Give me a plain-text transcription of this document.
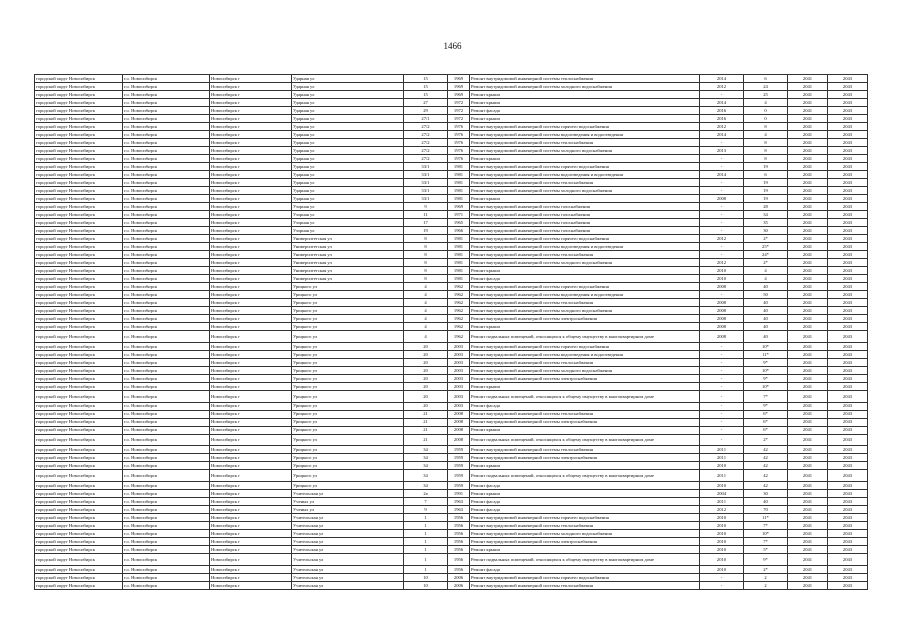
1466
городской округ Новосибирск	г.о. Новосибирск	Новосибирск г	Ударная ул	15	1969	Ремонт внутридомовой инженерной системы теплоснабжения	2014	6	2041	2043
городской округ Новосибирск	г.о. Новосибирск	Новосибирск г	Ударная ул	15	1969	Ремонт внутридомовой инженерной системы холодного водоснабжения	2012	24	2041	2043
городской округ Новосибирск	г.о. Новосибирск	Новосибирск г	Ударная ул	15	1969	Ремонт крыши	-	25	2041	2043
городской округ Новосибирск	г.о. Новосибирск	Новосибирск г	Ударная ул	27	1972	Ремонт крыши	2014	4	2041	2043
городской округ Новосибирск	г.о. Новосибирск	Новосибирск г	Ударная ул	29	1972	Ремонт фасада	2016	0	2041	2043
городской округ Новосибирск	г.о. Новосибирск	Новосибирск г	Ударная ул	27/1	1972	Ремонт крыши	2016	0	2041	2043
городской округ Новосибирск	г.о. Новосибирск	Новосибирск г	Ударная ул	27/2	1976	Ремонт внутридомовой инженерной системы горячего водоснабжения	2012	8	2041	2043
городской округ Новосибирск	г.о. Новосибирск	Новосибирск г	Ударная ул	27/2	1976	Ремонт внутридомовой инженерной системы водоотведения и водоотведения	2014	4	2041	2043
городской округ Новосибирск	г.о. Новосибирск	Новосибирск г	Ударная ул	27/2	1976	Ремонт внутридомовой инженерной системы теплоснабжения	-	8	2041	2043
городской округ Новосибирск	г.о. Новосибирск	Новосибирск г	Ударная ул	27/2	1976	Ремонт внутридомовой инженерной системы холодного водоснабжения	2013	8	2041	2043
городской округ Новосибирск	г.о. Новосибирск	Новосибирск г	Ударная ул	27/2	1976	Ремонт крыши	-	8	2041	2043
городской округ Новосибирск	г.о. Новосибирск	Новосибирск г	Ударная ул	33/1	1981	Ремонт внутридомовой инженерной системы горячего водоснабжения	-	19	2041	2043
городской округ Новосибирск	г.о. Новосибирск	Новосибирск г	Ударная ул	33/1	1981	Ремонт внутридомовой инженерной системы водоотведения и водоотведения	2014	6	2041	2043
городской округ Новосибирск	г.о. Новосибирск	Новосибирск г	Ударная ул	33/1	1981	Ремонт внутридомовой инженерной системы теплоснабжения	-	19	2041	2043
городской округ Новосибирск	г.о. Новосибирск	Новосибирск г	Ударная ул	33/1	1981	Ремонт внутридомовой инженерной системы холодного водоснабжения	-	19	2041	2043
городской округ Новосибирск	г.о. Новосибирск	Новосибирск г	Ударная ул	33/1	1981	Ремонт крыши	2008	19	2041	2043
городской округ Новосибирск	г.о. Новосибирск	Новосибирск г	Узорная ул	9	1969	Ремонт внутридомовой инженерной системы газоснабжения	-	28	2041	2043
городской округ Новосибирск	г.о. Новосибирск	Новосибирск г	Узорная ул	11	1971	Ремонт внутридомовой инженерной системы газоснабжения	-	34	2041	2043
городской округ Новосибирск	г.о. Новосибирск	Новосибирск г	Узорная ул	17	1965	Ремонт внутридомовой инженерной системы газоснабжения	-	35	2041	2043
городской округ Новосибирск	г.о. Новосибирск	Новосибирск г	Узорная ул	19	1966	Ремонт внутридомовой инженерной системы газоснабжения	-	30	2041	2043
городской округ Новосибирск	г.о. Новосибирск	Новосибирск г	Университетская ул	8	1981	Ремонт внутридомовой инженерной системы горячего водоснабжения	2012	2*	2041	2043
городской округ Новосибирск	г.о. Новосибирск	Новосибирск г	Университетская ул	8	1981	Ремонт внутридомовой инженерной системы водоотведения и водоотведения	-	25*	2041	2043
городской округ Новосибирск	г.о. Новосибирск	Новосибирск г	Университетская ул	8	1981	Ремонт внутридомовой инженерной системы теплоснабжения	-	24*	2041	2043
городской округ Новосибирск	г.о. Новосибирск	Новосибирск г	Университетская ул	8	1981	Ремонт внутридомовой инженерной системы холодного водоснабжения	2012	2*	2041	2043
городской округ Новосибирск	г.о. Новосибирск	Новосибирск г	Университетская ул	8	1981	Ремонт крыши	2010	4	2041	2043
городской округ Новосибирск	г.о. Новосибирск	Новосибирск г	Университетская ул	8	1981	Ремонт фасада	2010	4	2041	2043
городской округ Новосибирск	г.о. Новосибирск	Новосибирск г	Урицкого ул	4	1962	Ремонт внутридомовой инженерной системы горячего водоснабжения	2008	40	2041	2043
городской округ Новосибирск	г.о. Новосибирск	Новосибирск г	Урицкого ул	4	1962	Ремонт внутридомовой инженерной системы водоотведения и водоотведения	-	50	2041	2043
городской округ Новосибирск	г.о. Новосибирск	Новосибирск г	Урицкого ул	4	1962	Ремонт внутридомовой инженерной системы теплоснабжения	2008	40	2041	2043
городской округ Новосибирск	г.о. Новосибирск	Новосибирск г	Урицкого ул	4	1962	Ремонт внутридомовой инженерной системы холодного водоснабжения	2008	40	2041	2043
городской округ Новосибирск	г.о. Новосибирск	Новосибирск г	Урицкого ул	4	1962	Ремонт внутридомовой инженерной системы электроснабжения	2008	40	2041	2043
городской округ Новосибирск	г.о. Новосибирск	Новосибирск г	Урицкого ул	4	1962	Ремонт крыши	2008	40	2041	2043
городской округ Новосибирск	г.о. Новосибирск	Новосибирск г	Урицкого ул	4	1962	Ремонт подвальных помещений, относящихся к общему имуществу в многоквартирном доме	2008	40	2041	2043
городской округ Новосибирск	г.о. Новосибирск	Новосибирск г	Урицкого ул	20	2003	Ремонт внутридомовой инженерной системы горячего водоснабжения	-	10*	2041	2043
городской округ Новосибирск	г.о. Новосибирск	Новосибирск г	Урицкого ул	20	2003	Ремонт внутридомовой инженерной системы водоотведения и водоотведения	-	11*	2041	2043
городской округ Новосибирск	г.о. Новосибирск	Новосибирск г	Урицкого ул	20	2003	Ремонт внутридомовой инженерной системы теплоснабжения	-	9*	2041	2043
городской округ Новосибирск	г.о. Новосибирск	Новосибирск г	Урицкого ул	20	2003	Ремонт внутридомовой инженерной системы холодного водоснабжения	-	10*	2041	2043
городской округ Новосибирск	г.о. Новосибирск	Новосибирск г	Урицкого ул	20	2003	Ремонт внутридомовой инженерной системы электроснабжения	-	9*	2041	2043
городской округ Новосибирск	г.о. Новосибирск	Новосибирск г	Урицкого ул	20	2003	Ремонт крыши	-	10*	2041	2043
городской округ Новосибирск	г.о. Новосибирск	Новосибирск г	Урицкого ул	20	2003	Ремонт подвальных помещений, относящихся к общему имуществу в многоквартирном доме	-	7*	2041	2043
городской округ Новосибирск	г.о. Новосибирск	Новосибирск г	Урицкого ул	20	2003	Ремонт фасада	-	9*	2041	2043
городской округ Новосибирск	г.о. Новосибирск	Новосибирск г	Урицкого ул	21	2008	Ремонт внутридомовой инженерной системы теплоснабжения	-	6*	2041	2043
городской округ Новосибирск	г.о. Новосибирск	Новосибирск г	Урицкого ул	21	2008	Ремонт внутридомовой инженерной системы электроснабжения	-	6*	2041	2043
городской округ Новосибирск	г.о. Новосибирск	Новосибирск г	Урицкого ул	21	2008	Ремонт крыши	-	6*	2041	2043
городской округ Новосибирск	г.о. Новосибирск	Новосибирск г	Урицкого ул	21	2008	Ремонт подвальных помещений, относящихся к общему имуществу в многоквартирном доме	-	2*	2041	2043
городской округ Новосибирск	г.о. Новосибирск	Новосибирск г	Урицкого ул	34	1959	Ремонт внутридомовой инженерной системы теплоснабжения	2011	42	2041	2043
городской округ Новосибирск	г.о. Новосибирск	Новосибирск г	Урицкого ул	34	1959	Ремонт внутридомовой инженерной системы электроснабжения	2011	42	2041	2043
городской округ Новосибирск	г.о. Новосибирск	Новосибирск г	Урицкого ул	34	1959	Ремонт крыши	2010	42	2041	2043
городской округ Новосибирск	г.о. Новосибирск	Новосибирск г	Урицкого ул	34	1959	Ремонт подвальных помещений, относящихся к общему имуществу в многоквартирном доме	2011	42	2041	2043
городской округ Новосибирск	г.о. Новосибирск	Новосибирск г	Урицкого ул	34	1959	Ремонт фасада	2010	42	2041	2043
городской округ Новосибирск	г.о. Новосибирск	Новосибирск г	Учительская ул	2а	1991	Ремонт крыши	2004	30	2041	2043
городской округ Новосибирск	г.о. Новосибирск	Новосибирск г	Ученых ул	7	1963	Ремонт фасада	2011	40	2041	2043
городской округ Новосибирск	г.о. Новосибирск	Новосибирск г	Ученых ул	9	1963	Ремонт фасада	2012	70	2041	2043
городской округ Новосибирск	г.о. Новосибирск	Новосибирск г	Учительская ул	1	1956	Ремонт внутридомовой инженерной системы горячего водоснабжения	2010	11*	2041	2043
городской округ Новосибирск	г.о. Новосибирск	Новосибирск г	Учительская ул	1	1956	Ремонт внутридомовой инженерной системы теплоснабжения	2010	7*	2041	2043
городской округ Новосибирск	г.о. Новосибирск	Новосибирск г	Учительская ул	1	1956	Ремонт внутридомовой инженерной системы холодного водоснабжения	2010	10*	2041	2043
городской округ Новосибирск	г.о. Новосибирск	Новосибирск г	Учительская ул	1	1956	Ремонт внутридомовой инженерной системы электроснабжения	2010	7*	2041	2043
городской округ Новосибирск	г.о. Новосибирск	Новосибирск г	Учительская ул	1	1956	Ремонт крыши	2010	5*	2041	2043
городской округ Новосибирск	г.о. Новосибирск	Новосибирск г	Учительская ул	1	1956	Ремонт подвальных помещений, относящихся к общему имуществу в многоквартирном доме	2010	9*	2041	2043
городской округ Новосибирск	г.о. Новосибирск	Новосибирск г	Учительская ул	1	1956	Ремонт фасада	2010	2*	2041	2043
городской округ Новосибирск	г.о. Новосибирск	Новосибирск г	Учительская ул	10	2006	Ремонт внутридомовой инженерной системы горячего водоснабжения	-	2	2041	2043
городской округ Новосибирск	г.о. Новосибирск	Новосибирск г	Учительская ул	10	2006	Ремонт внутридомовой инженерной системы теплоснабжения	-	2	2041	2043
